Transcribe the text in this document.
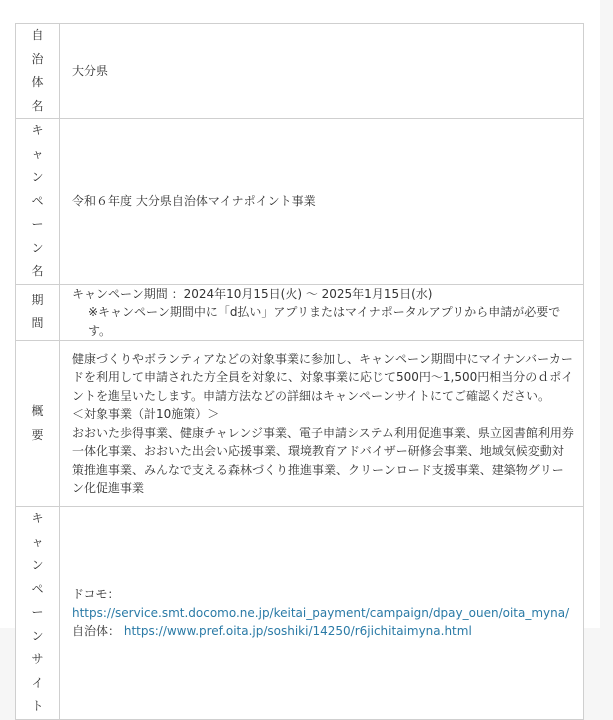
自治体名	大分県
キャンペーン名	令和６年度 大分県自治体マイナポイント事業
期間	キャンペーン期間 ：2024年10月15日(火) ～ 2025年1月15日(水)
※キャンペーン期間中に「d払い」アプリまたはマイナポータルアプリから申請が必要です。

概要	健康づくりやボランティアなどの対象事業に参加し、キャンペーン期間中にマイナンバーカードを利用して申請された方全員を対象に、対象事業に応じて500円～1,500円相当分のｄポイントを進呈いたします。申請方法などの詳細はキャンペーンサイトにてご確認ください。
＜対象事業（計10施策）＞
おおいた歩得事業、健康チャレンジ事業、電子申請システム利用促進事業、県立図書館利用券一体化事業、おおいた出会い応援事業、環境教育アドバイザー研修会事業、地域気候変動対策推進事業、みんなで支える森林づくり推進事業、クリーンロード支援事業、建築物グリーン化促進事業

キャンペーンサイト	ドコモ：
https://service.smt.docomo.ne.jp/keitai_payment/campaign/dpay_ouen/oita_myna/
自治体： https://www.pref.oita.jp/soshiki/14250/r6jichitaimyna.html
